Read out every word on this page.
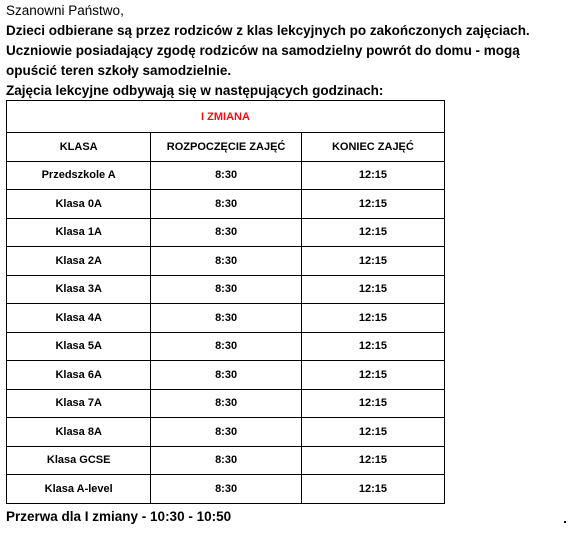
Szanowni Państwo,
Dzieci odbierane są przez rodziców z klas lekcyjnych po zakończonych zajęciach.
Uczniowie posiadający zgodę rodziców na samodzielny powrót do domu - mogą opuścić teren szkoły samodzielnie.
Zajęcia lekcyjne odbywają się w następujących godzinach:
I ZMIANA		
KLASA	ROZPOCZĘCIE ZAJĘĆ	KONIEC ZAJĘĆ
Przedszkole A	8:30	12:15
Klasa 0A	8:30	12:15
Klasa 1A	8:30	12:15
Klasa 2A	8:30	12:15
Klasa 3A	8:30	12:15
Klasa 4A	8:30	12:15
Klasa 5A	8:30	12:15
Klasa 6A	8:30	12:15
Klasa 7A	8:30	12:15
Klasa 8A	8:30	12:15
Klasa GCSE	8:30	12:15
Klasa A-level	8:30	12:15
Przerwa dla I zmiany - 10:30 - 10:50
